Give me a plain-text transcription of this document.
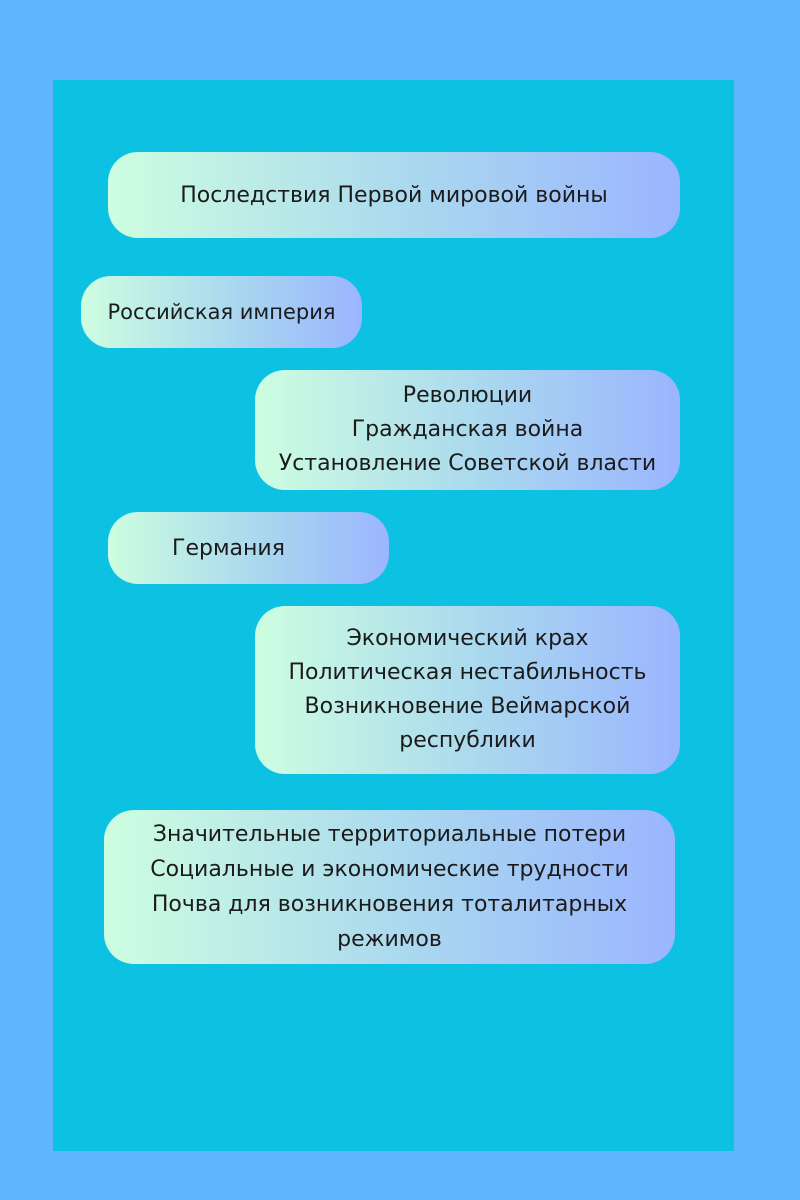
Последствия Первой мировой войны
Российская империя
Революции
Гражданская война
Установление Советской власти
Германия
Экономический крах
Политическая нестабильность
Возникновение Веймарской
республики
Значительные территориальные потери
Социальные и экономические трудности
Почва для возникновения тоталитарных
режимов
